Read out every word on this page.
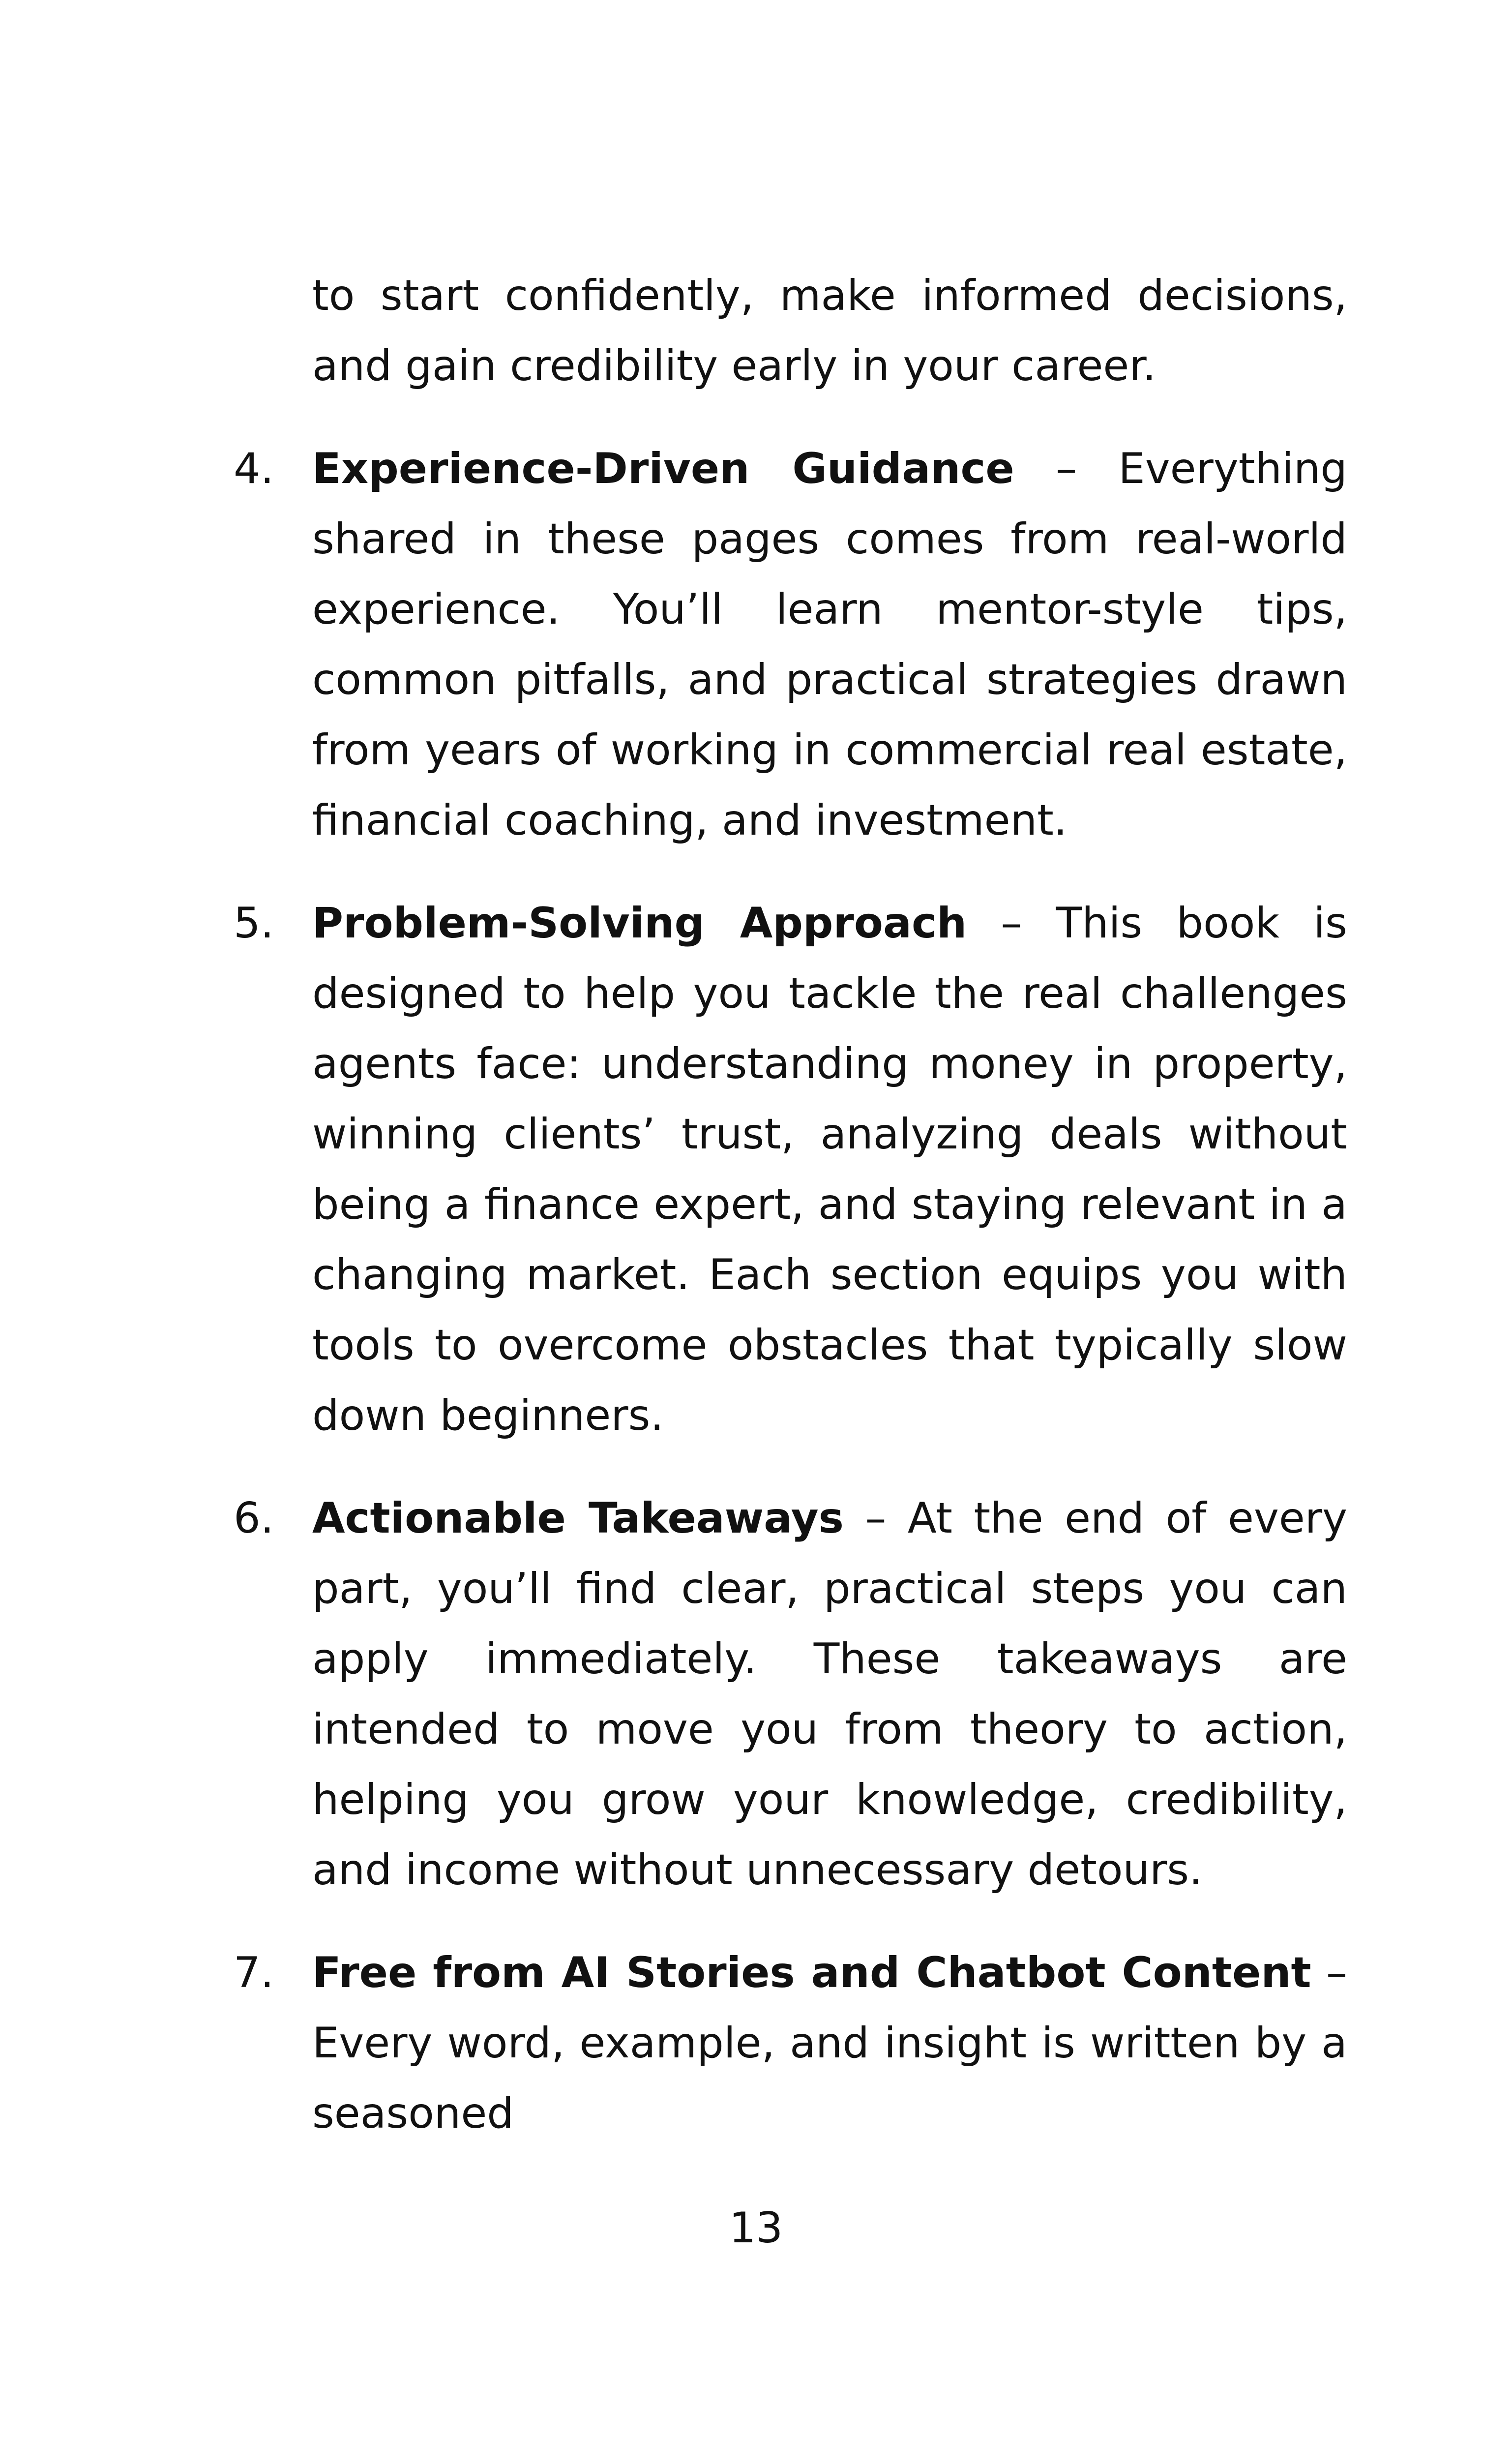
to start confidently, make informed decisions, and gain credibility early in your career.

4. Experience-Driven Guidance – Everything shared in these pages comes from real-world experience. You’ll learn mentor-style tips, common pitfalls, and practical strategies drawn from years of working in commercial real estate, financial coaching, and investment.
5. Problem-Solving Approach – This book is designed to help you tackle the real challenges agents face: understanding money in property, winning clients’ trust, analyzing deals without being a finance expert, and staying relevant in a changing market. Each section equips you with tools to overcome obstacles that typically slow down beginners.
6. Actionable Takeaways – At the end of every part, you’ll find clear, practical steps you can apply immediately. These takeaways are intended to move you from theory to action, helping you grow your knowledge, credibility, and income without unnecessary detours.
7. Free from AI Stories and Chatbot Content – Every word, example, and insight is written by a seasoned
13
